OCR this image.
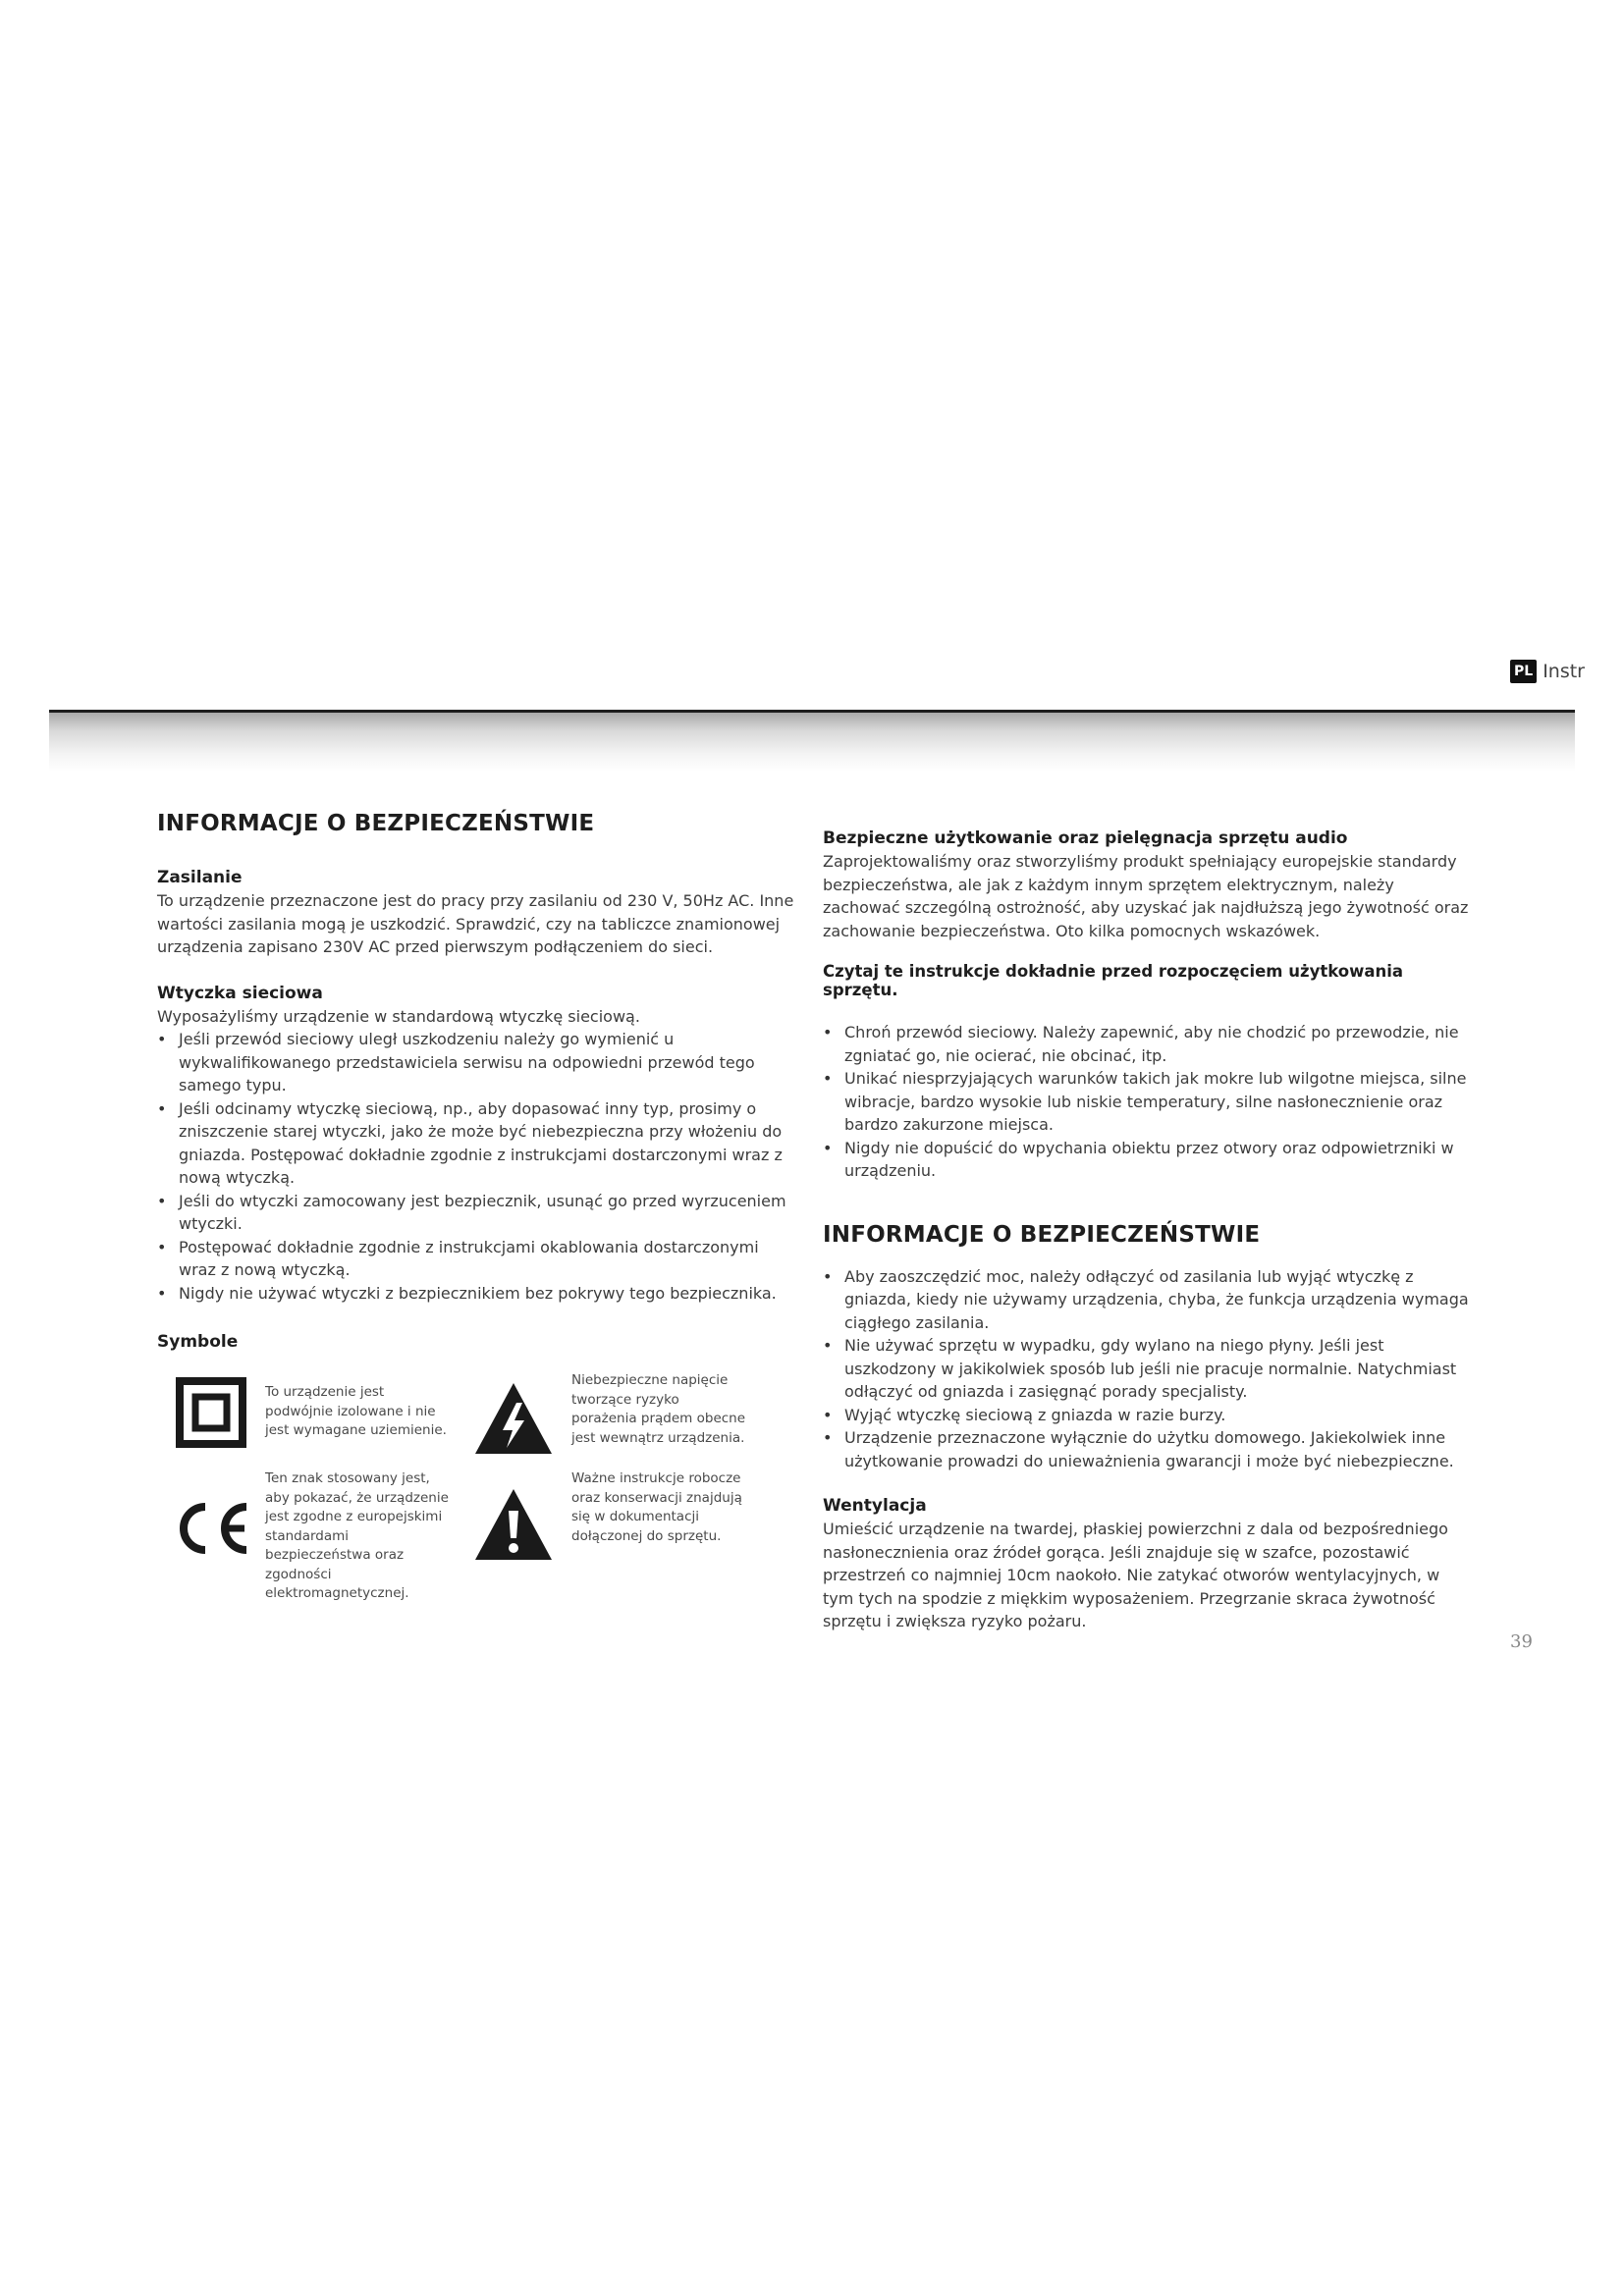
PL Instr
INFORMACJE O BEZPIECZEŃSTWIE
Zasilanie

To urządzenie przeznaczone jest do pracy przy zasilaniu od 230 V, 50Hz AC. Inne wartości zasilania mogą je uszkodzić. Sprawdzić, czy na tabliczce znamionowej urządzenia zapisano 230V AC przed pierwszym podłączeniem do sieci.

Wtyczka sieciowa

Wyposażyliśmy urządzenie w standardową wtyczkę sieciową.

• Jeśli przewód sieciowy uległ uszkodzeniu należy go wymienić u wykwalifikowanego przedstawiciela serwisu na odpowiedni przewód tego samego typu.
• Jeśli odcinamy wtyczkę sieciową, np., aby dopasować inny typ, prosimy o zniszczenie starej wtyczki, jako że może być niebezpieczna przy włożeniu do gniazda. Postępować dokładnie zgodnie z instrukcjami dostarczonymi wraz z nową wtyczką.
• Jeśli do wtyczki zamocowany jest bezpiecznik, usunąć go przed wyrzuceniem wtyczki.
• Postępować dokładnie zgodnie z instrukcjami okablowania dostarczonymi wraz z nową wtyczką.
• Nigdy nie używać wtyczki z bezpiecznikiem bez pokrywy tego bezpiecznika.
Symbole
To urządzenie jest podwójnie izolowane i nie jest wymagane uziemienie.
Niebezpieczne napięcie tworzące ryzyko porażenia prądem obecne jest wewnątrz urządzenia.
Ten znak stosowany jest, aby pokazać, że urządzenie jest zgodne z europejskimi standardami bezpieczeństwa oraz zgodności elektromagnetycznej.
Ważne instrukcje robocze oraz konserwacji znajdują się w dokumentacji dołączonej do sprzętu.
Bezpieczne użytkowanie oraz pielęgnacja sprzętu audio

Zaprojektowaliśmy oraz stworzyliśmy produkt spełniający europejskie standardy bezpieczeństwa, ale jak z każdym innym sprzętem elektrycznym, należy zachować szczególną ostrożność, aby uzyskać jak najdłuższą jego żywotność oraz zachowanie bezpieczeństwa. Oto kilka pomocnych wskazówek.

Czytaj te instrukcje dokładnie przed rozpoczęciem użytkowania sprzętu.
• Chroń przewód sieciowy. Należy zapewnić, aby nie chodzić po przewodzie, nie zgniatać go, nie ocierać, nie obcinać, itp.
• Unikać niesprzyjających warunków takich jak mokre lub wilgotne miejsca, silne wibracje, bardzo wysokie lub niskie temperatury, silne nasłonecznienie oraz bardzo zakurzone miejsca.
• Nigdy nie dopuścić do wpychania obiektu przez otwory oraz odpowietrzniki w urządzeniu.
INFORMACJE O BEZPIECZEŃSTWIE
• Aby zaoszczędzić moc, należy odłączyć od zasilania lub wyjąć wtyczkę z gniazda, kiedy nie używamy urządzenia, chyba, że funkcja urządzenia wymaga ciągłego zasilania.
• Nie używać sprzętu w wypadku, gdy wylano na niego płyny. Jeśli jest uszkodzony w jakikolwiek sposób lub jeśli nie pracuje normalnie. Natychmiast odłączyć od gniazda i zasięgnąć porady specjalisty.
• Wyjąć wtyczkę sieciową z gniazda w razie burzy.
• Urządzenie przeznaczone wyłącznie do użytku domowego. Jakiekolwiek inne użytkowanie prowadzi do unieważnienia gwarancji i może być niebezpieczne.
Wentylacja

Umieścić urządzenie na twardej, płaskiej powierzchni z dala od bezpośredniego nasłonecznienia oraz źródeł gorąca. Jeśli znajduje się w szafce, pozostawić przestrzeń co najmniej 10cm naokoło. Nie zatykać otworów wentylacyjnych, w tym tych na spodzie z miękkim wyposażeniem. Przegrzanie skraca żywotność sprzętu i zwiększa ryzyko pożaru.

39
